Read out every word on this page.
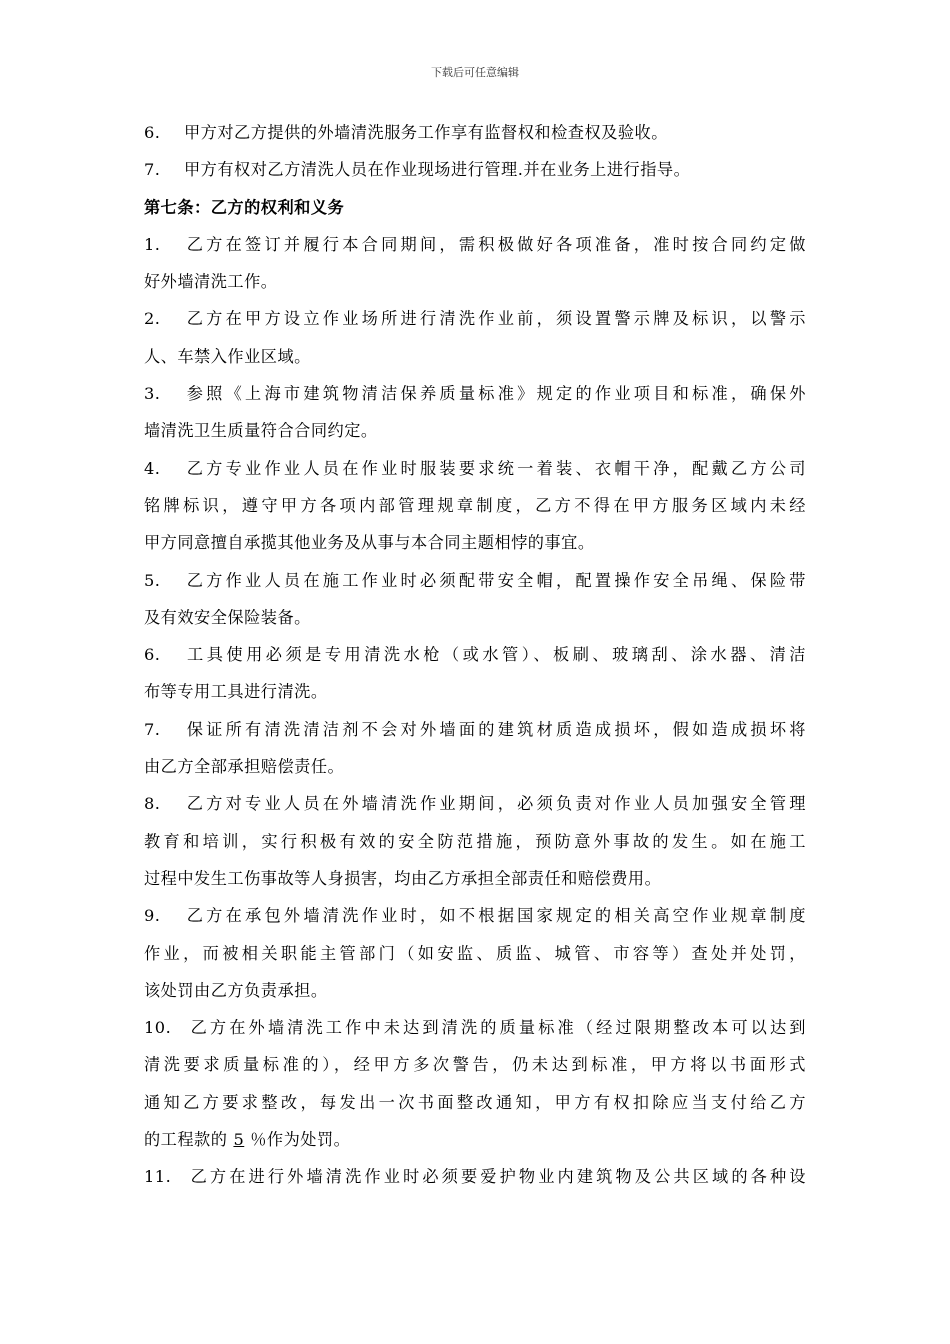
下载后可任意编辑
6. 甲方对乙方提供的外墙清洗服务工作享有监督权和检查权及验收。
7. 甲方有权对乙方清洗人员在作业现场进行管理.并在业务上进行指导。
第七条：乙方的权利和义务
1. 乙方在签订并履行本合同期间，需积极做好各项准备，准时按合同约定做
好外墙清洗工作。
2. 乙方在甲方设立作业场所进行清洗作业前，须设置警示牌及标识，以警示
人、车禁入作业区域。
3. 参照《上海市建筑物清洁保养质量标准》规定的作业项目和标准，确保外
墙清洗卫生质量符合合同约定。
4. 乙方专业作业人员在作业时服装要求统一着装、衣帽干净，配戴乙方公司
铭牌标识，遵守甲方各项内部管理规章制度，乙方不得在甲方服务区域内未经
甲方同意擅自承揽其他业务及从事与本合同主题相悖的事宜。
5. 乙方作业人员在施工作业时必须配带安全帽，配置操作安全吊绳、保险带
及有效安全保险装备。
6. 工具使用必须是专用清洗水枪（或水管）、板刷、玻璃刮、涂水器、清洁
布等专用工具进行清洗。
7. 保证所有清洗清洁剂不会对外墙面的建筑材质造成损坏，假如造成损坏将
由乙方全部承担赔偿责任。
8. 乙方对专业人员在外墙清洗作业期间，必须负责对作业人员加强安全管理
教育和培训，实行积极有效的安全防范措施，预防意外事故的发生。如在施工
过程中发生工伤事故等人身损害，均由乙方承担全部责任和赔偿费用。
9. 乙方在承包外墙清洗作业时，如不根据国家规定的相关高空作业规章制度
作业，而被相关职能主管部门（如安监、质监、城管、市容等）查处并处罚，
该处罚由乙方负责承担。
10. 乙方在外墙清洗工作中未达到清洗的质量标准（经过限期整改本可以达到
清洗要求质量标准的），经甲方多次警告，仍未达到标准，甲方将以书面形式
通知乙方要求整改，每发出一次书面整改通知，甲方有权扣除应当支付给乙方
的工程款的 5 ％作为处罚。
11. 乙方在进行外墙清洗作业时必须要爱护物业内建筑物及公共区域的各种设
